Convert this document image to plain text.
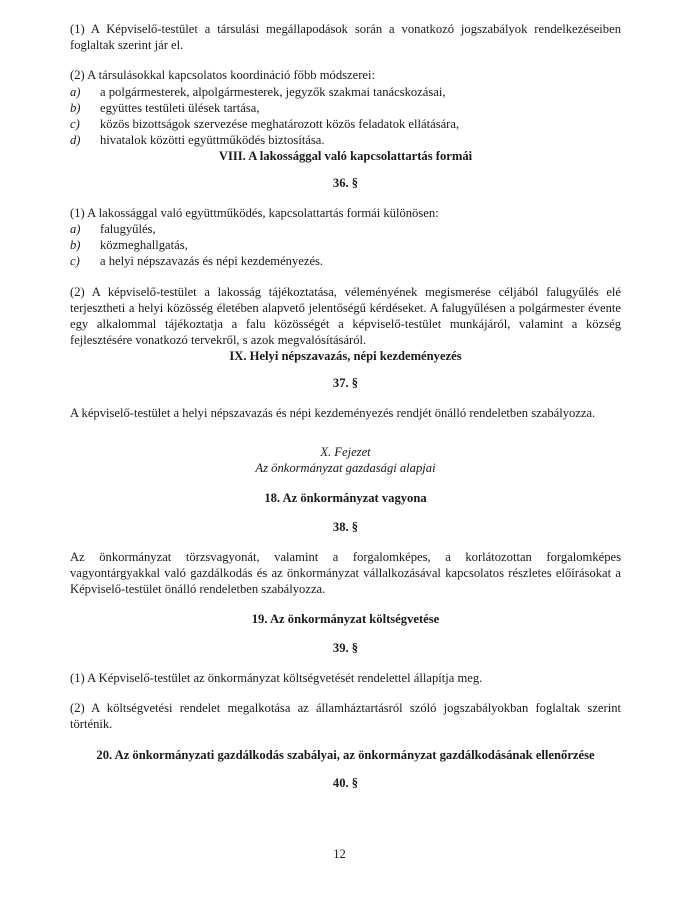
(1) A Képviselő-testület a társulási megállapodások során a vonatkozó jogszabályok rendelkezéseiben foglaltak szerint jár el.

(2) A társulásokkal kapcsolatos koordináció főbb módszerei:

a)	a polgármesterek, alpolgármesterek, jegyzők szakmai tanácskozásai,
b)	együttes testületi ülések tartása,
c)	közös bizottságok szervezése meghatározott közös feladatok ellátására,
d)	hivatalok közötti együttműködés biztosítása.

VIII. A lakossággal való kapcsolattartás formái

36. §

(1) A lakossággal való együttműködés, kapcsolattartás formái különösen:

a)	falugyűlés,
b)	közmeghallgatás,
c)	a helyi népszavazás és népi kezdeményezés.

(2) A képviselő-testület a lakosság tájékoztatása, véleményének megismerése céljából falugyűlés elé terjesztheti a helyi közösség életében alapvető jelentőségű kérdéseket. A falugyűlésen a polgármester évente egy alkalommal tájékoztatja a falu közösségét a képviselő-testület munkájáról, valamint a község fejlesztésére vonatkozó tervekről, s azok megvalósításáról.

IX. Helyi népszavazás, népi kezdeményezés

37. §

A képviselő-testület a helyi népszavazás és népi kezdeményezés rendjét önálló rendeletben szabályozza.

X. Fejezet

Az önkormányzat gazdasági alapjai

18. Az önkormányzat vagyona

38. §

Az önkormányzat törzsvagyonát, valamint a forgalomképes, a korlátozottan forgalomképes vagyontárgyakkal való gazdálkodás és az önkormányzat vállalkozásával kapcsolatos részletes előírásokat a Képviselő-testület önálló rendeletben szabályozza.

19. Az önkormányzat költségvetése

39. §

(1) A Képviselő-testület az önkormányzat költségvetését rendelettel állapítja meg.

(2) A költségvetési rendelet megalkotása az államháztartásról szóló jogszabályokban foglaltak szerint történik.

20. Az önkormányzati gazdálkodás szabályai, az önkormányzat gazdálkodásának ellenőrzése

40. §

12
